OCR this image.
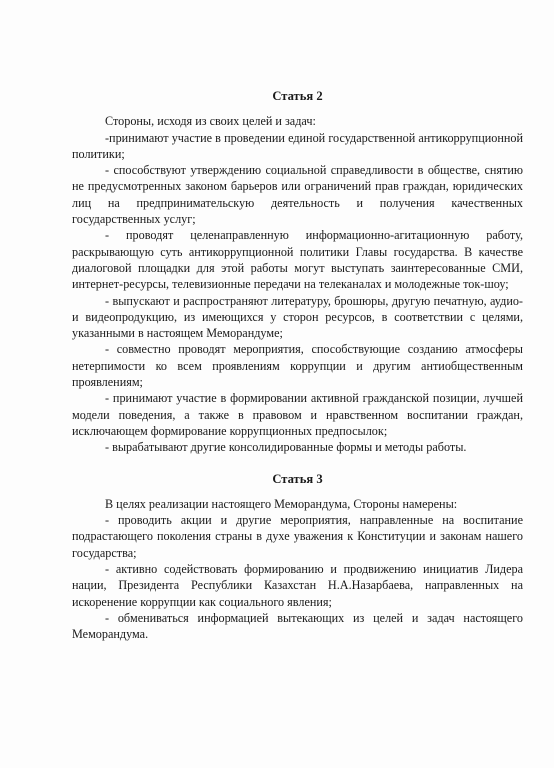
Статья 2

Стороны, исходя из своих целей и задач:

-принимают участие в проведении единой государственной антикоррупционной политики;

- способствуют утверждению социальной справедливости в обществе, снятию не предусмотренных законом барьеров или ограничений прав граждан, юридических лиц на предпринимательскую деятельность и получения качественных государственных услуг;

- проводят целенаправленную информационно-агитационную работу, раскрывающую суть антикоррупционной политики Главы государства. В качестве диалоговой площадки для этой работы могут выступать заинтересованные СМИ, интернет-ресурсы, телевизионные передачи на телеканалах и молодежные ток-шоу;

- выпускают и распространяют литературу, брошюры, другую печатную, аудио- и видеопродукцию, из имеющихся у сторон ресурсов, в соответствии с целями, указанными в настоящем Меморандуме;

- совместно проводят мероприятия, способствующие созданию атмосферы нетерпимости ко всем проявлениям коррупции и другим антиобщественным проявлениям;

- принимают участие в формировании активной гражданской позиции, лучшей модели поведения, а также в правовом и нравственном воспитании граждан, исключающем формирование коррупционных предпосылок;

- вырабатывают другие консолидированные формы и методы работы.

Статья 3

В целях реализации настоящего Меморандума, Стороны намерены:

- проводить акции и другие мероприятия, направленные на воспитание подрастающего поколения страны в духе уважения к Конституции и законам нашего государства;

- активно содействовать формированию и продвижению инициатив Лидера нации, Президента Республики Казахстан Н.А.Назарбаева, направленных на искоренение коррупции как социального явления;

- обмениваться информацией вытекающих из целей и задач настоящего Меморандума.
